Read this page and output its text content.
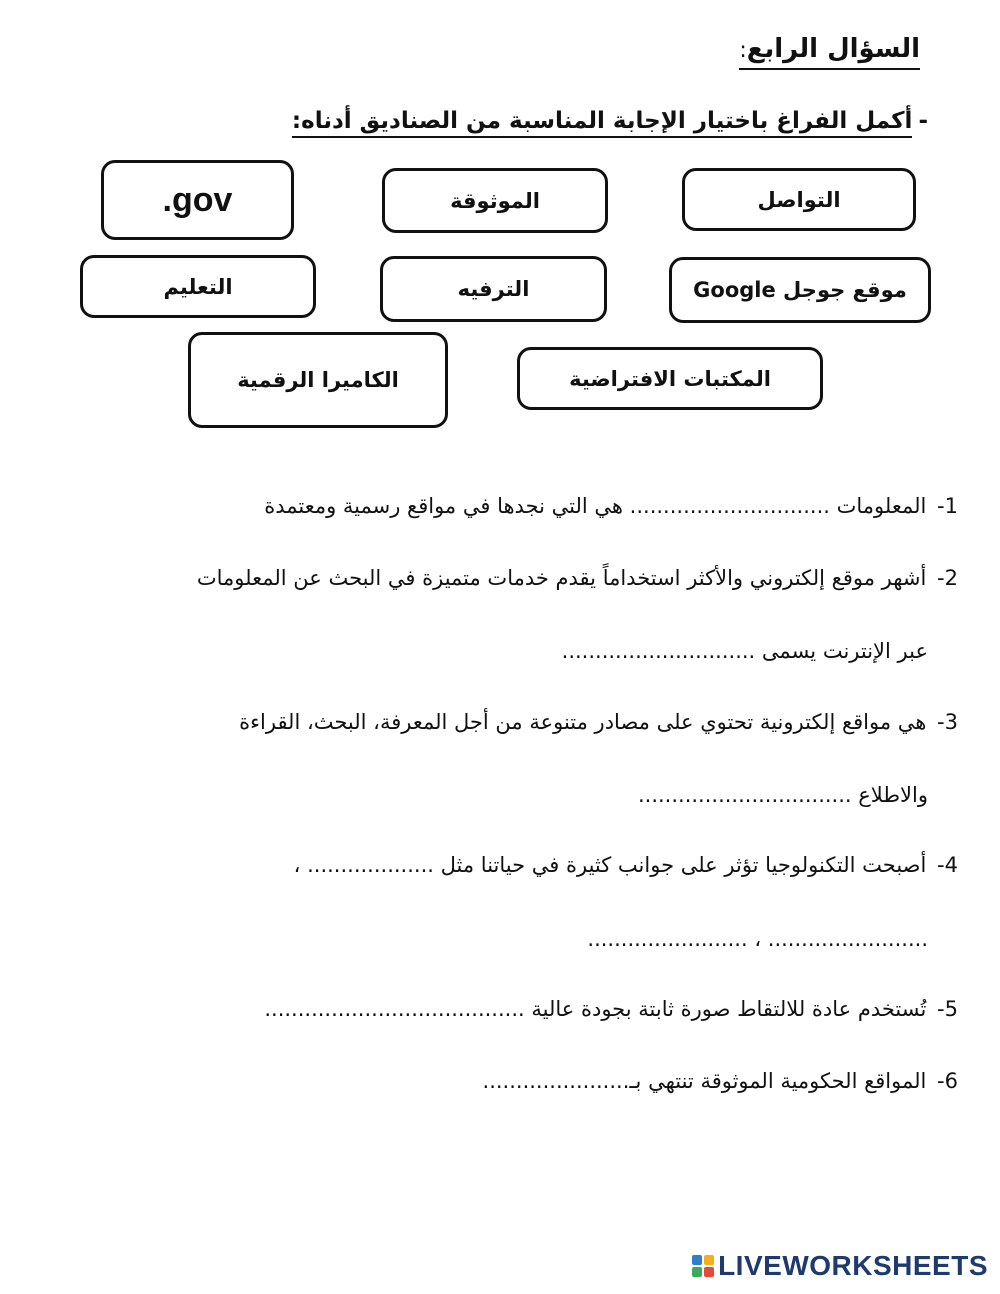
السؤال الرابع:
-أكمل الفراغ باختيار الإجابة المناسبة من الصناديق أدناه:
.gov	الموثوقة	التواصل
التعليم	الترفيه	موقع جوجل Google
الكاميرا الرقمية	المكتبات الافتراضية
1- المعلومات .............................. هي التي نجدها في مواقع رسمية ومعتمدة
2- أشهر موقع إلكتروني والأكثر استخداماً يقدم خدمات متميزة في البحث عن المعلومات
عبر الإنترنت يسمى .............................
3- هي مواقع إلكترونية تحتوي على مصادر متنوعة من أجل المعرفة، البحث، القراءة
والاطلاع ................................
4- أصبحت التكنولوجيا تؤثر على جوانب كثيرة في حياتنا مثل ................... ،
........................ ، ........................
5- تُستخدم عادة للالتقاط صورة ثابتة بجودة عالية .......................................
6- المواقع الحكومية الموثوقة تنتهي بـ......................
LIVEWORKSHEETS
